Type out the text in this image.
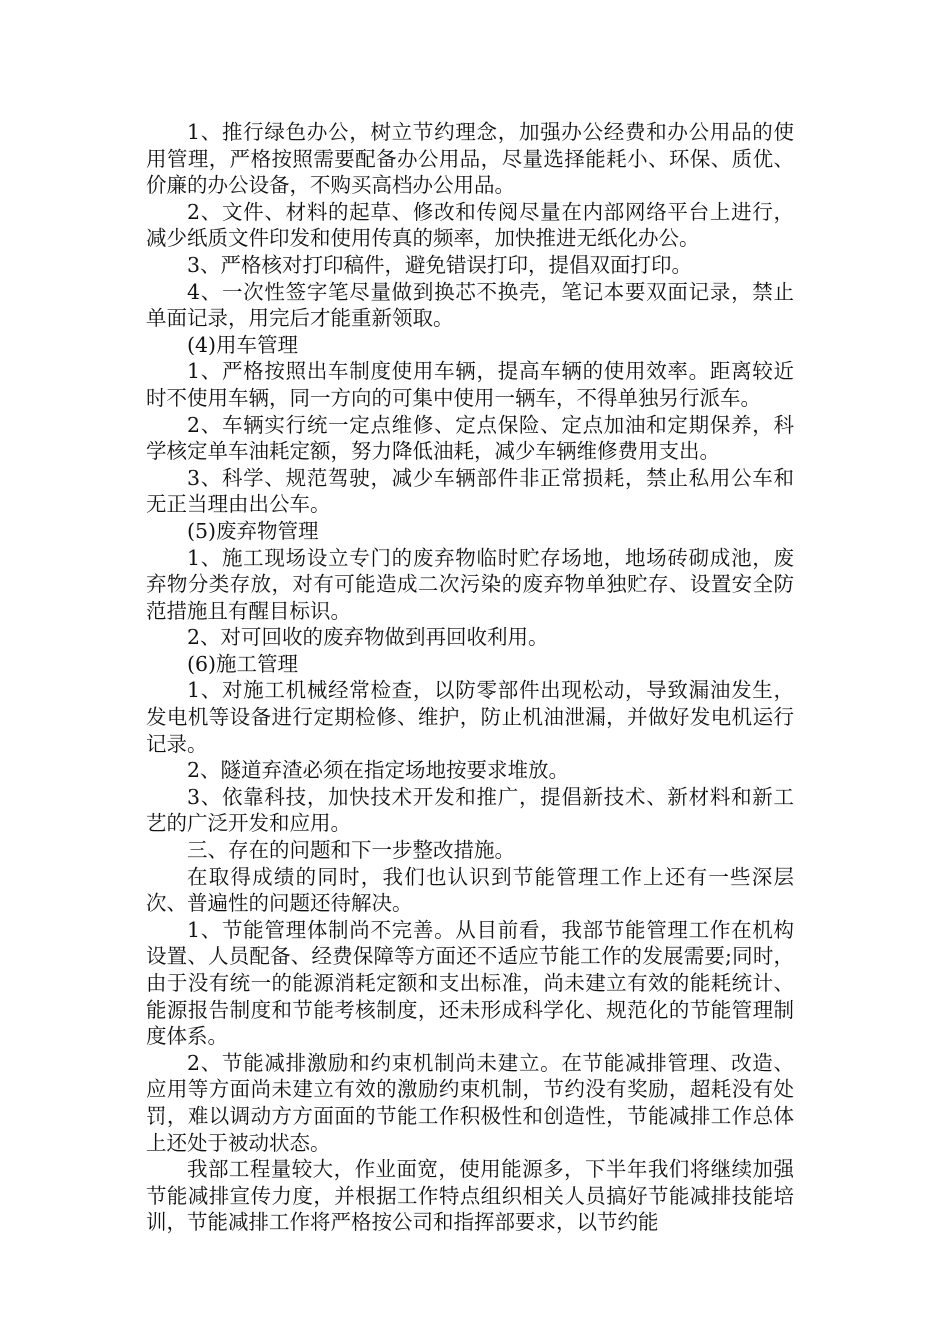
1、推行绿色办公，树立节约理念，加强办公经费和办公用品的使用管理，严格按照需要配备办公用品，尽量选择能耗小、环保、质优、价廉的办公设备，不购买高档办公用品。

2、文件、材料的起草、修改和传阅尽量在内部网络平台上进行，减少纸质文件印发和使用传真的频率，加快推进无纸化办公。

3、严格核对打印稿件，避免错误打印，提倡双面打印。

4、一次性签字笔尽量做到换芯不换壳，笔记本要双面记录，禁止单面记录，用完后才能重新领取。

(4)用车管理

1、严格按照出车制度使用车辆，提高车辆的使用效率。距离较近时不使用车辆，同一方向的可集中使用一辆车，不得单独另行派车。

2、车辆实行统一定点维修、定点保险、定点加油和定期保养，科学核定单车油耗定额，努力降低油耗，减少车辆维修费用支出。

3、科学、规范驾驶，减少车辆部件非正常损耗，禁止私用公车和无正当理由出公车。

(5)废弃物管理

1、施工现场设立专门的废弃物临时贮存场地，地场砖砌成池，废弃物分类存放，对有可能造成二次污染的废弃物单独贮存、设置安全防范措施且有醒目标识。

2、对可回收的废弃物做到再回收利用。

(6)施工管理

1、对施工机械经常检查，以防零部件出现松动，导致漏油发生，发电机等设备进行定期检修、维护，防止机油泄漏，并做好发电机运行记录。

2、隧道弃渣必须在指定场地按要求堆放。

3、依靠科技，加快技术开发和推广，提倡新技术、新材料和新工艺的广泛开发和应用。

三、存在的问题和下一步整改措施。

在取得成绩的同时，我们也认识到节能管理工作上还有一些深层次、普遍性的问题还待解决。

1、节能管理体制尚不完善。从目前看，我部节能管理工作在机构设置、人员配备、经费保障等方面还不适应节能工作的发展需要;同时，由于没有统一的能源消耗定额和支出标准，尚未建立有效的能耗统计、能源报告制度和节能考核制度，还未形成科学化、规范化的节能管理制度体系。

2、节能减排激励和约束机制尚未建立。在节能减排管理、改造、应用等方面尚未建立有效的激励约束机制，节约没有奖励，超耗没有处罚，难以调动方方面面的节能工作积极性和创造性，节能减排工作总体上还处于被动状态。

我部工程量较大，作业面宽，使用能源多，下半年我们将继续加强节能减排宣传力度，并根据工作特点组织相关人员搞好节能减排技能培训，节能减排工作将严格按公司和指挥部要求，以节约能
